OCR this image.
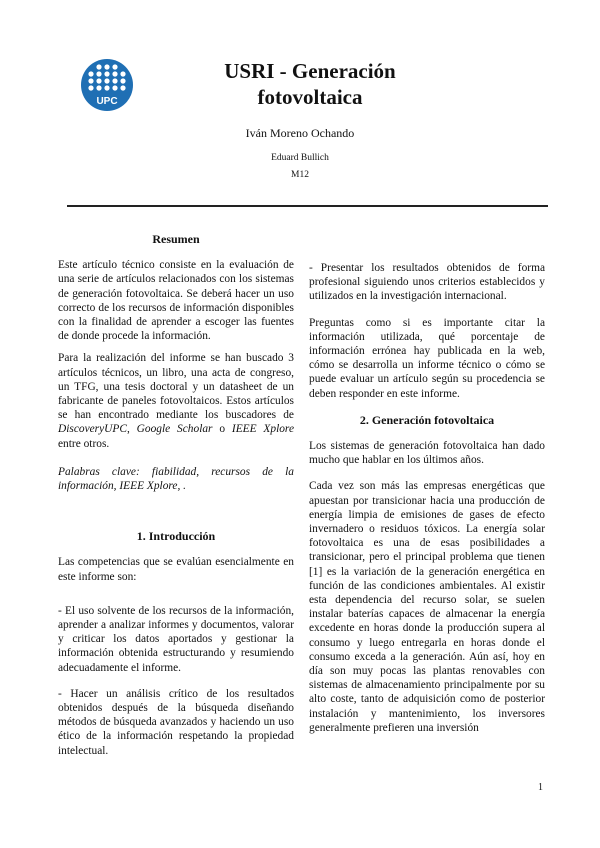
UPC
USRI - Generación
fotovoltaica
Iván Moreno Ochando
Eduard Bullich
M12
Resumen

Este artículo técnico consiste en la evaluación de una serie de artículos relacionados con los sistemas de generación fotovoltaica. Se deberá hacer un uso correcto de los recursos de información disponibles con la finalidad de aprender a escoger las fuentes de donde procede la información.

Para la realización del informe se han buscado 3 artículos técnicos, un libro, una acta de congreso, un TFG, una tesis doctoral y un datasheet de un fabricante de paneles fotovoltaicos. Estos artículos se han encontrado mediante los buscadores de DiscoveryUPC, Google Scholar o IEEE Xplore entre otros.

Palabras clave: fiabilidad, recursos de la información, IEEE Xplore, .

1. Introducción

Las competencias que se evalúan esencialmente en este informe son:

- El uso solvente de los recursos de la información, aprender a analizar informes y documentos, valorar y criticar los datos aportados y gestionar la información obtenida estructurando y resumiendo adecuadamente el informe.

- Hacer un análisis crítico de los resultados obtenidos después de la búsqueda diseñando métodos de búsqueda avanzados y haciendo un uso ético de la información respetando la propiedad intelectual.

- Presentar los resultados obtenidos de forma profesional siguiendo unos criterios establecidos y utilizados en la investigación internacional.

Preguntas como si es importante citar la información utilizada, qué porcentaje de información errónea hay publicada en la web, cómo se desarrolla un informe técnico o cómo se puede evaluar un artículo según su procedencia se deben responder en este informe.

2. Generación fotovoltaica

Los sistemas de generación fotovoltaica han dado mucho que hablar en los últimos años.

Cada vez son más las empresas energéticas que apuestan por transicionar hacia una producción de energía limpia de emisiones de gases de efecto invernadero o residuos tóxicos. La energía solar fotovoltaica es una de esas posibilidades a transicionar, pero el principal problema que tienen [1] es la variación de la generación energética en función de las condiciones ambientales. Al existir esta dependencia del recurso solar, se suelen instalar baterías capaces de almacenar la energía excedente en horas donde la producción supera al consumo y luego entregarla en horas donde el consumo exceda a la generación. Aún así, hoy en día son muy pocas las plantas renovables con sistemas de almacenamiento principalmente por su alto coste, tanto de adquisición como de posterior instalación y mantenimiento, los inversores generalmente prefieren una inversión

1
